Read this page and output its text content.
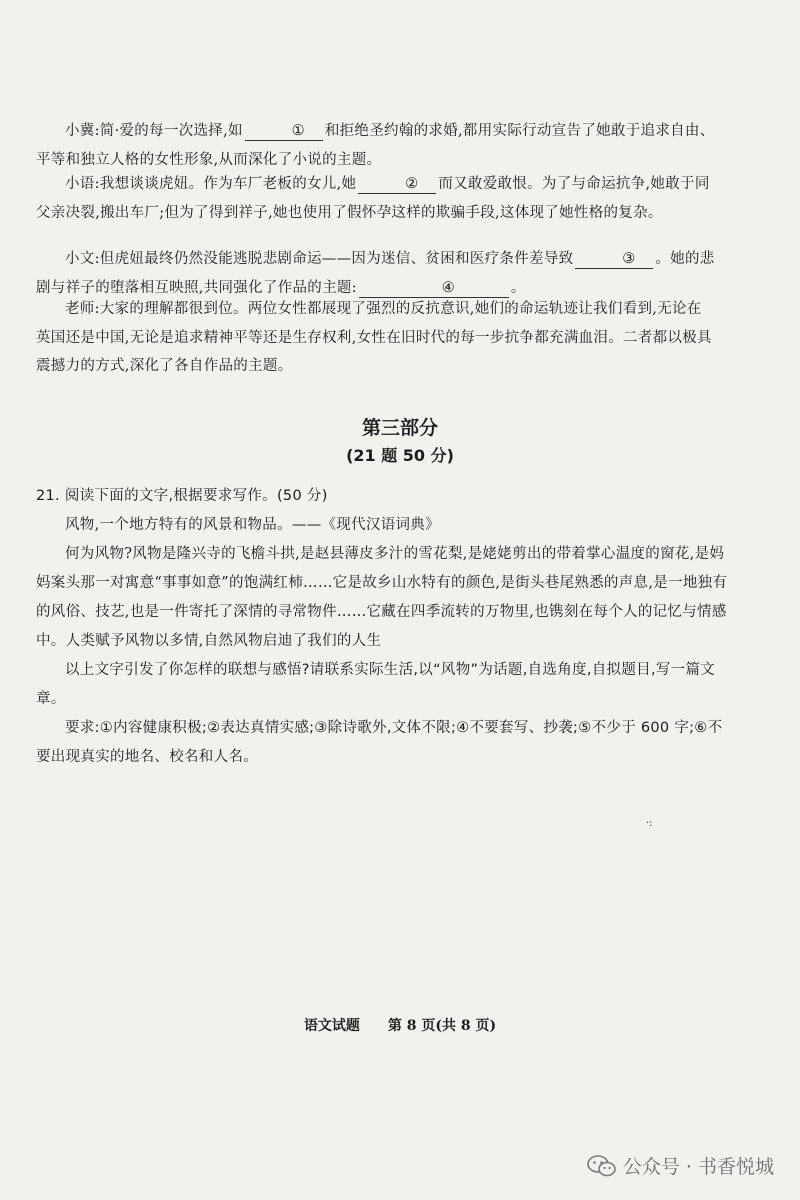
小冀:简·爱的每一次选择,如	① 和拒绝圣约翰的求婚,都用实际行动宣告了她敢于追求自由、平等和独立人格的女性形象,从而深化了小说的主题。
小语:我想谈谈虎妞。作为车厂老板的女儿,她	② 而又敢爱敢恨。为了与命运抗争,她敢于同父亲决裂,搬出车厂;但为了得到祥子,她也使用了假怀孕这样的欺骗手段,这体现了她性格的复杂。
小文:但虎妞最终仍然没能逃脱悲剧命运——因为迷信、贫困和医疗条件差导致	③ 。她的悲剧与祥子的堕落相互映照,共同强化了作品的主题:	④	。
老师:大家的理解都很到位。两位女性都展现了强烈的反抗意识,她们的命运轨迹让我们看到,无论在英国还是中国,无论是追求精神平等还是生存权利,女性在旧时代的每一步抗争都充满血泪。二者都以极具震撼力的方式,深化了各自作品的主题。
第三部分
(21 题 50 分)

21. 阅读下面的文字,根据要求写作。(50 分)

风物,一个地方特有的风景和物品。——《现代汉语词典》

何为风物?风物是隆兴寺的飞檐斗拱,是赵县薄皮多汁的雪花梨,是姥姥剪出的带着掌心温度的窗花,是妈妈案头那一对寓意“事事如意”的饱满红柿……它是故乡山水特有的颜色,是街头巷尾熟悉的声息,是一地独有的风俗、技艺,也是一件寄托了深情的寻常物件……它藏在四季流转的万物里,也镌刻在每个人的记忆与情感中。人类赋予风物以多情,自然风物启迪了我们的人生

以上文字引发了你怎样的联想与感悟?请联系实际生活,以“风物”为话题,自选角度,自拟题目,写一篇文章。

要求:①内容健康积极;②表达真情实感;③除诗歌外,文体不限;④不要套写、抄袭;⑤不少于 600 字;⑥不要出现真实的地名、校名和人名。

·:
语文试题 第 8 页(共 8 页)
公众号 · 书香悦城
